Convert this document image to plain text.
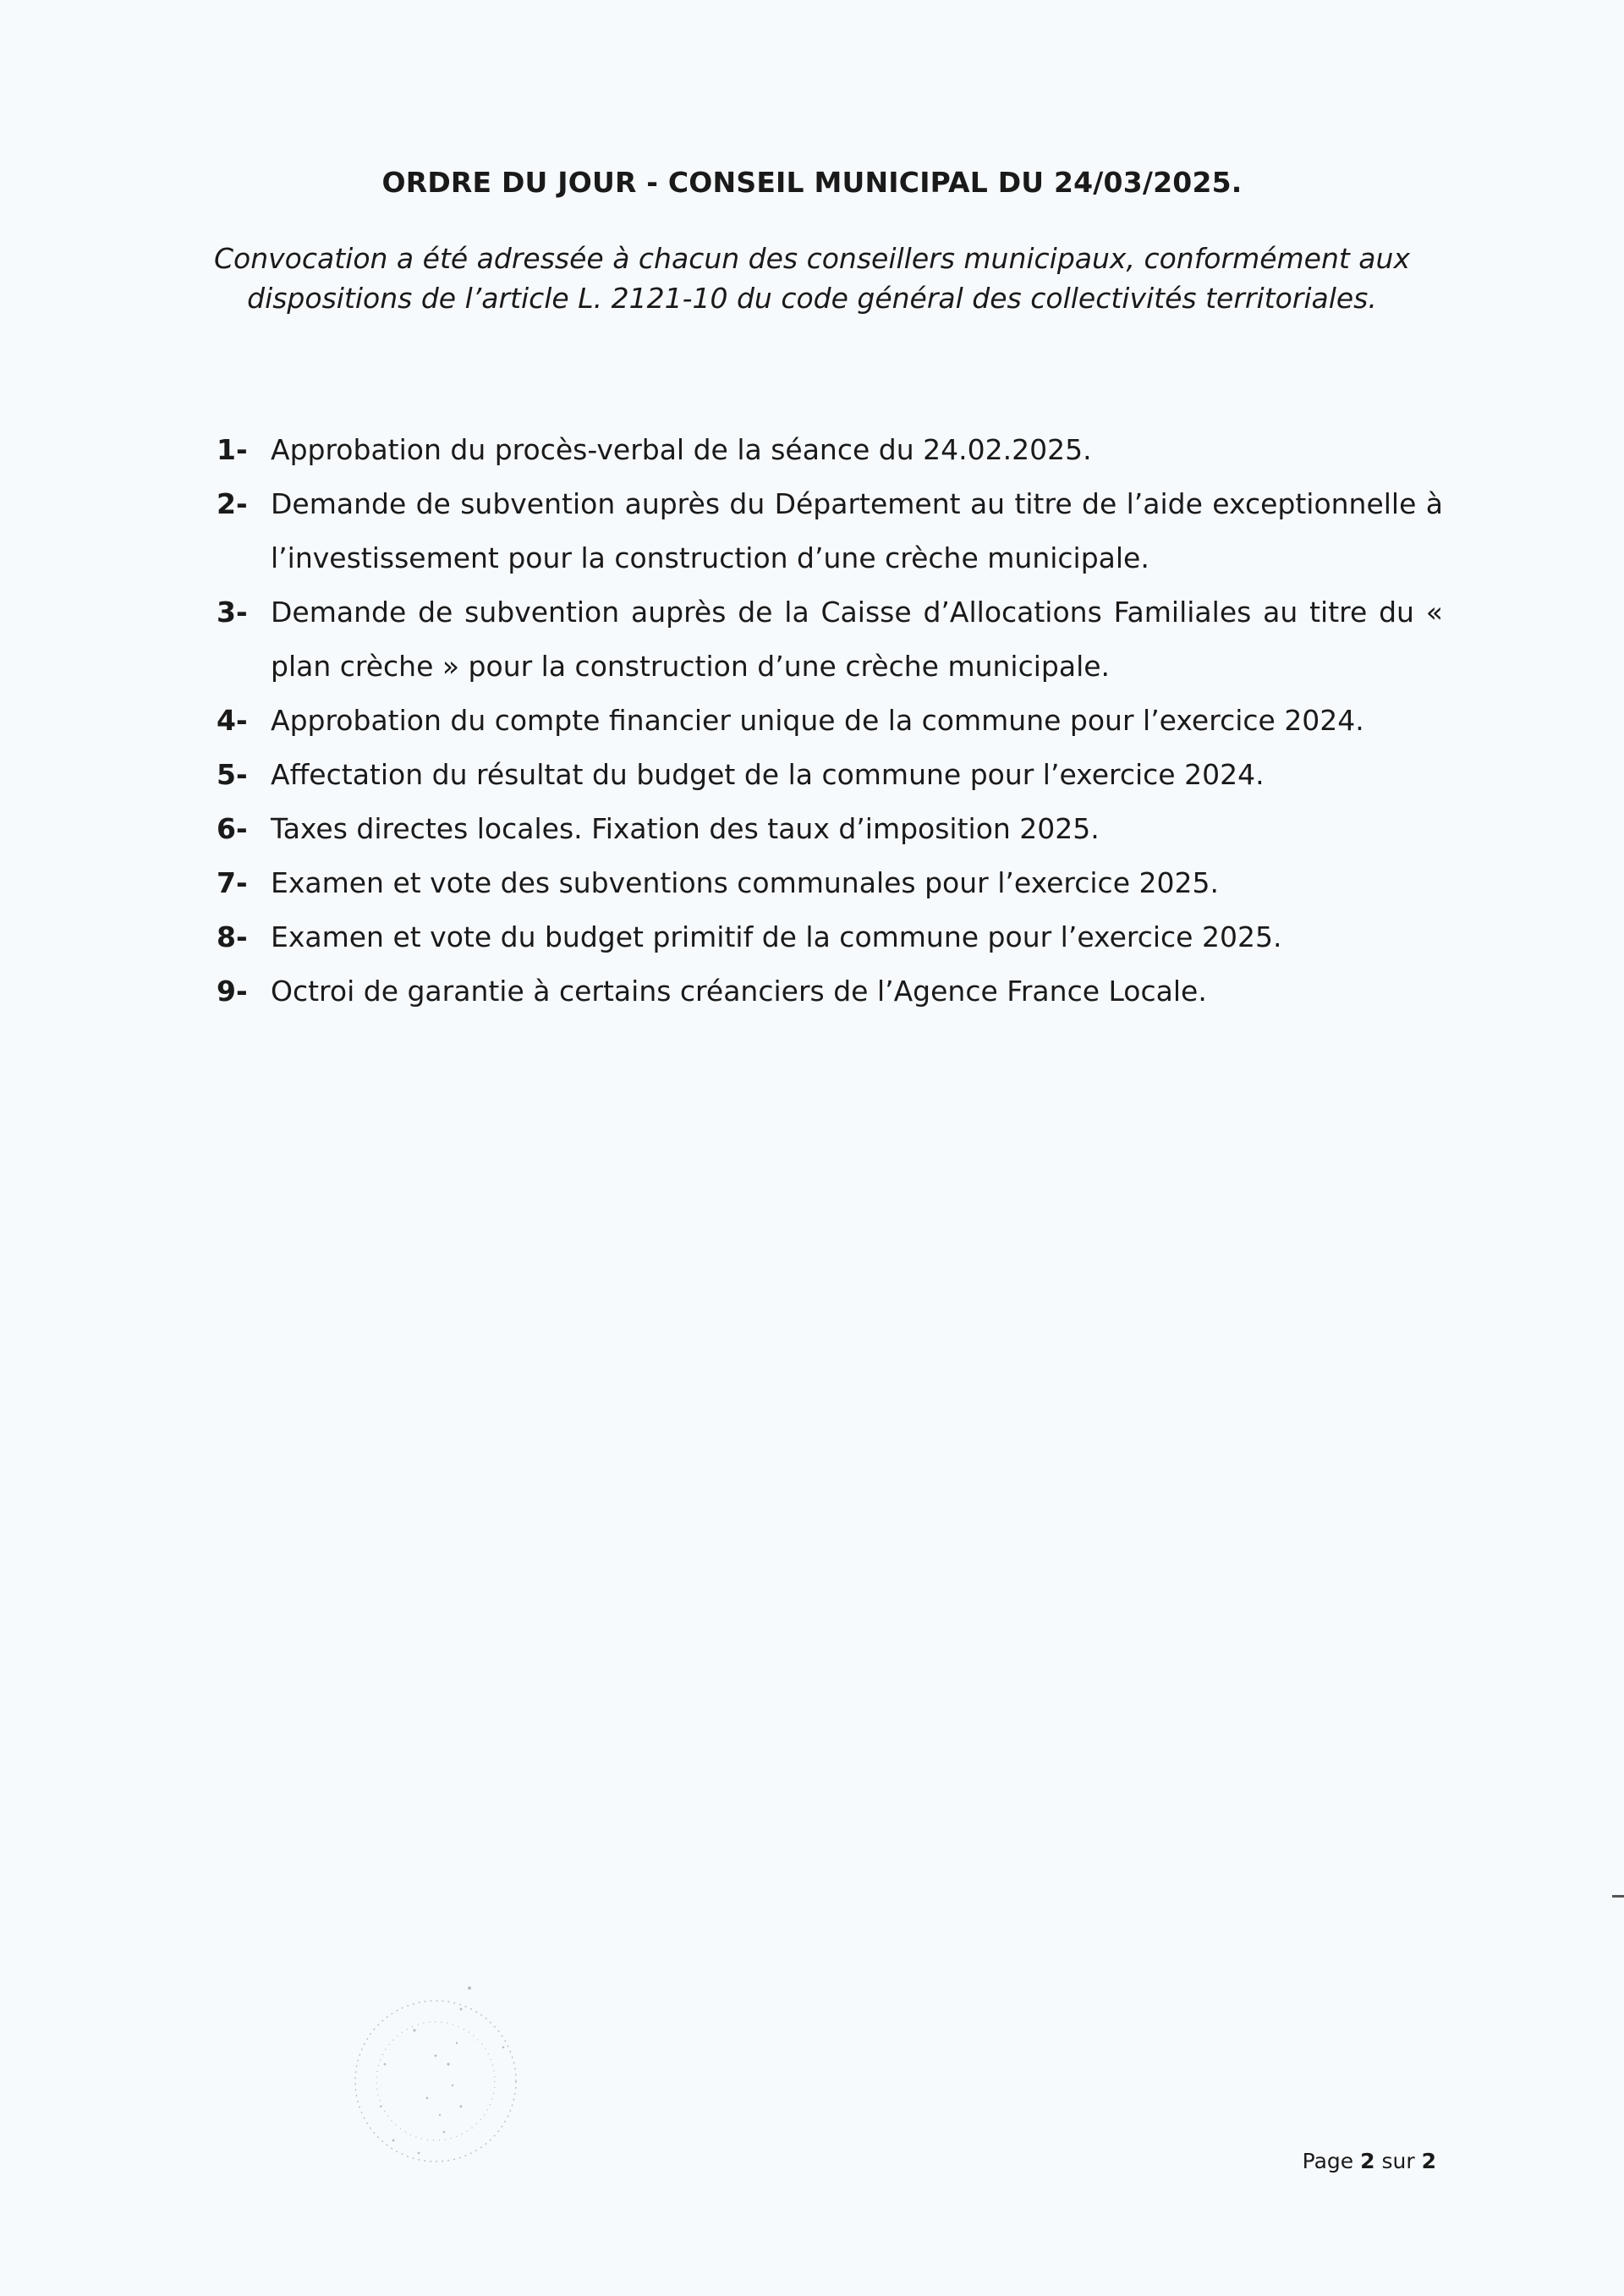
ORDRE DU JOUR - CONSEIL MUNICIPAL DU 24/03/2025.
Convocation a été adressée à chacun des conseillers municipaux, conformément aux
dispositions de l’article L. 2121-10 du code général des collectivités territoriales.
1- Approbation du procès-verbal de la séance du 24.02.2025.
2- Demande de subvention auprès du Département au titre de l’aide exceptionnelle à l’investissement pour la construction d’une crèche municipale.
3- Demande de subvention auprès de la Caisse d’Allocations Familiales au titre du « plan crèche » pour la construction d’une crèche municipale.
4- Approbation du compte financier unique de la commune pour l’exercice 2024.
5- Affectation du résultat du budget de la commune pour l’exercice 2024.
6- Taxes directes locales. Fixation des taux d’imposition 2025.
7- Examen et vote des subventions communales pour l’exercice 2025.
8- Examen et vote du budget primitif de la commune pour l’exercice 2025.
9- Octroi de garantie à certains créanciers de l’Agence France Locale.
Page 2 sur 2
